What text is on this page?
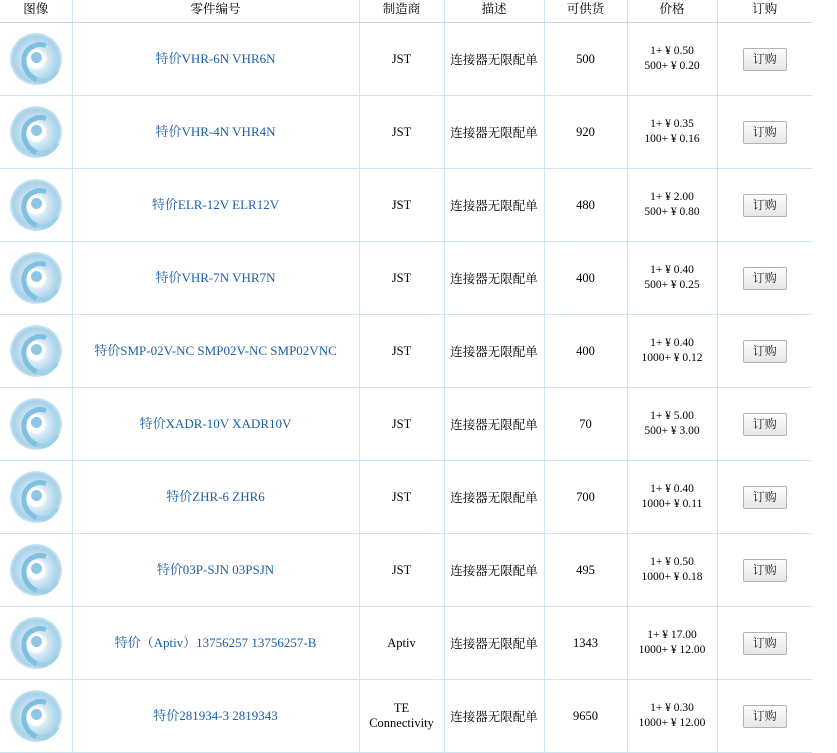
图像	零件编号	制造商	描述	可供货	价格	订购

	特价VHR-6N VHR6N	JST	连接器无限配单	500	1+ ¥ 0.50
500+ ¥ 0.20	订购

	特价VHR-4N VHR4N	JST	连接器无限配单	920	1+ ¥ 0.35
100+ ¥ 0.16	订购

	特价ELR-12V ELR12V	JST	连接器无限配单	480	1+ ¥ 2.00
500+ ¥ 0.80	订购

	特价VHR-7N VHR7N	JST	连接器无限配单	400	1+ ¥ 0.40
500+ ¥ 0.25	订购

	特价SMP-02V-NC SMP02V-NC SMP02VNC	JST	连接器无限配单	400	1+ ¥ 0.40
1000+ ¥ 0.12	订购

	特价XADR-10V XADR10V	JST	连接器无限配单	70	1+ ¥ 5.00
500+ ¥ 3.00	订购

	特价ZHR-6 ZHR6	JST	连接器无限配单	700	1+ ¥ 0.40
1000+ ¥ 0.11	订购

	特价03P-SJN 03PSJN	JST	连接器无限配单	495	1+ ¥ 0.50
1000+ ¥ 0.18	订购

	特价（Aptiv）13756257 13756257-B	Aptiv	连接器无限配单	1343	1+ ¥ 17.00
1000+ ¥ 12.00	订购

	特价281934-3 2819343	TE Connectivity	连接器无限配单	9650	1+ ¥ 0.30
1000+ ¥ 12.00	订购
